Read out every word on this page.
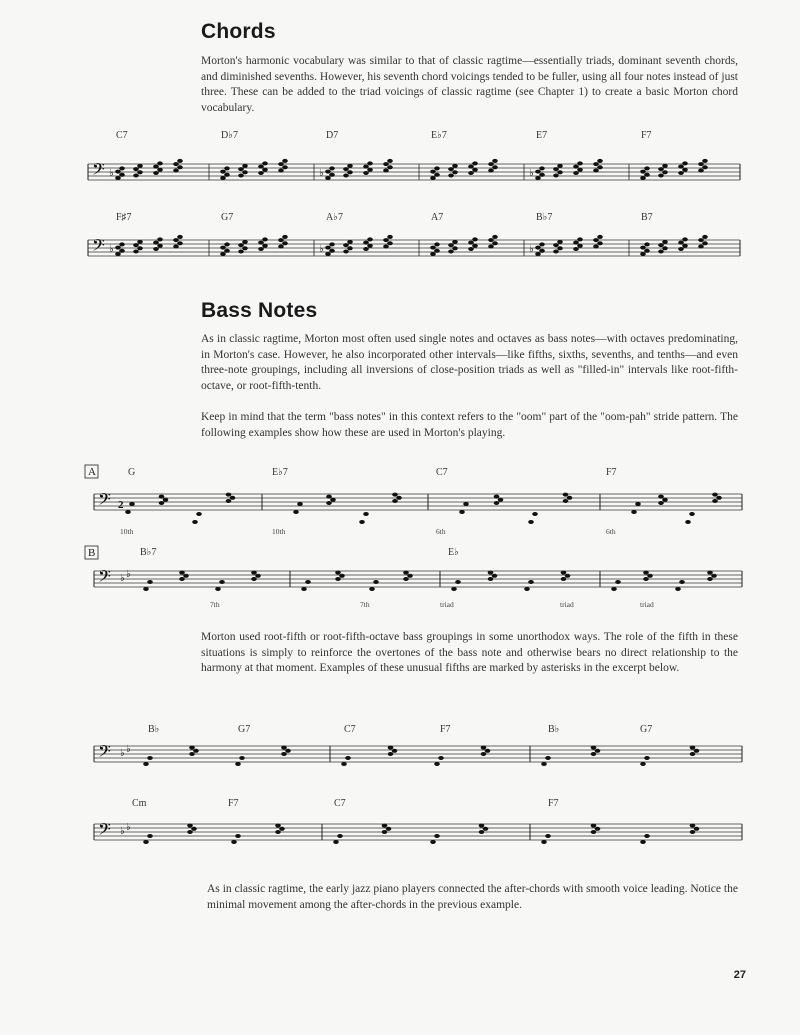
Chords

Morton's harmonic vocabulary was similar to that of classic ragtime—essentially triads, dominant seventh chords, and diminished sevenths. However, his seventh chord voicings tended to be fuller, using all four notes instead of just three. These can be added to the triad voicings of classic ragtime (see Chapter 1) to create a basic Morton chord vocabulary.

𝄢
C7
♭
D♭7	D7
♭
E♭7	E7
♭
F7
𝄢
F♯7
♭
G7	A♭7
♭
A7	B♭7
♭
B7
Bass Notes

As in classic ragtime, Morton most often used single notes and octaves as bass notes—with octaves predominating, in Morton's case. However, he also incorporated other intervals—like fifths, sixths, sevenths, and tenths—and even three-note groupings, including all inversions of close-position triads as well as "filled-in" intervals like root-fifth-octave, or root-fifth-tenth.

Keep in mind that the term "bass notes" in this context refers to the "oom" part of the "oom-pah" stride pattern. The following examples show how these are used in Morton's playing.

A
𝄢 2
G	E♭7	C7	F7
10th	10th	6th	6th
B
𝄢 ♭ ♭
B♭7	E♭
7th	7th	triad	triad	triad

Morton used root-fifth or root-fifth-octave bass groupings in some unorthodox ways. The role of the fifth in these situations is simply to reinforce the overtones of the bass note and otherwise bears no direct relationship to the harmony at that moment. Examples of these unusual fifths are marked by asterisks in the excerpt below.

𝄢 ♭ ♭
B♭	G7	C7	F7	B♭	G7
𝄢 ♭ ♭
Cm	F7	C7	F7

As in classic ragtime, the early jazz piano players connected the after-chords with smooth voice leading. Notice the minimal movement among the after-chords in the previous example.

27
